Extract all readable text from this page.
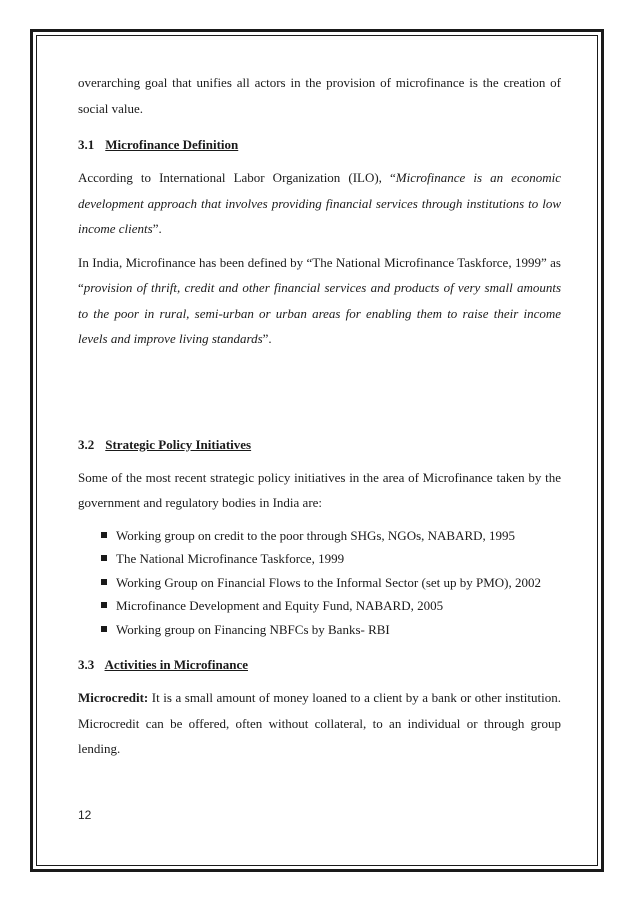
overarching goal that unifies all actors in the provision of microfinance is the creation of social value.

3.1 Microfinance Definition

According to International Labor Organization (ILO), “Microfinance is an economic development approach that involves providing financial services through institutions to low income clients”.

In India, Microfinance has been defined by “The National Microfinance Taskforce, 1999” as “provision of thrift, credit and other financial services and products of very small amounts to the poor in rural, semi-urban or urban areas for enabling them to raise their income levels and improve living standards”.

3.2 Strategic Policy Initiatives

Some of the most recent strategic policy initiatives in the area of Microfinance taken by the government and regulatory bodies in India are:

Working group on credit to the poor through SHGs, NGOs, NABARD, 1995
The National Microfinance Taskforce, 1999
Working Group on Financial Flows to the Informal Sector (set up by PMO), 2002
Microfinance Development and Equity Fund, NABARD, 2005
Working group on Financing NBFCs by Banks- RBI
3.3 Activities in Microfinance

Microcredit: It is a small amount of money loaned to a client by a bank or other institution. Microcredit can be offered, often without collateral, to an individual or through group lending.

12
